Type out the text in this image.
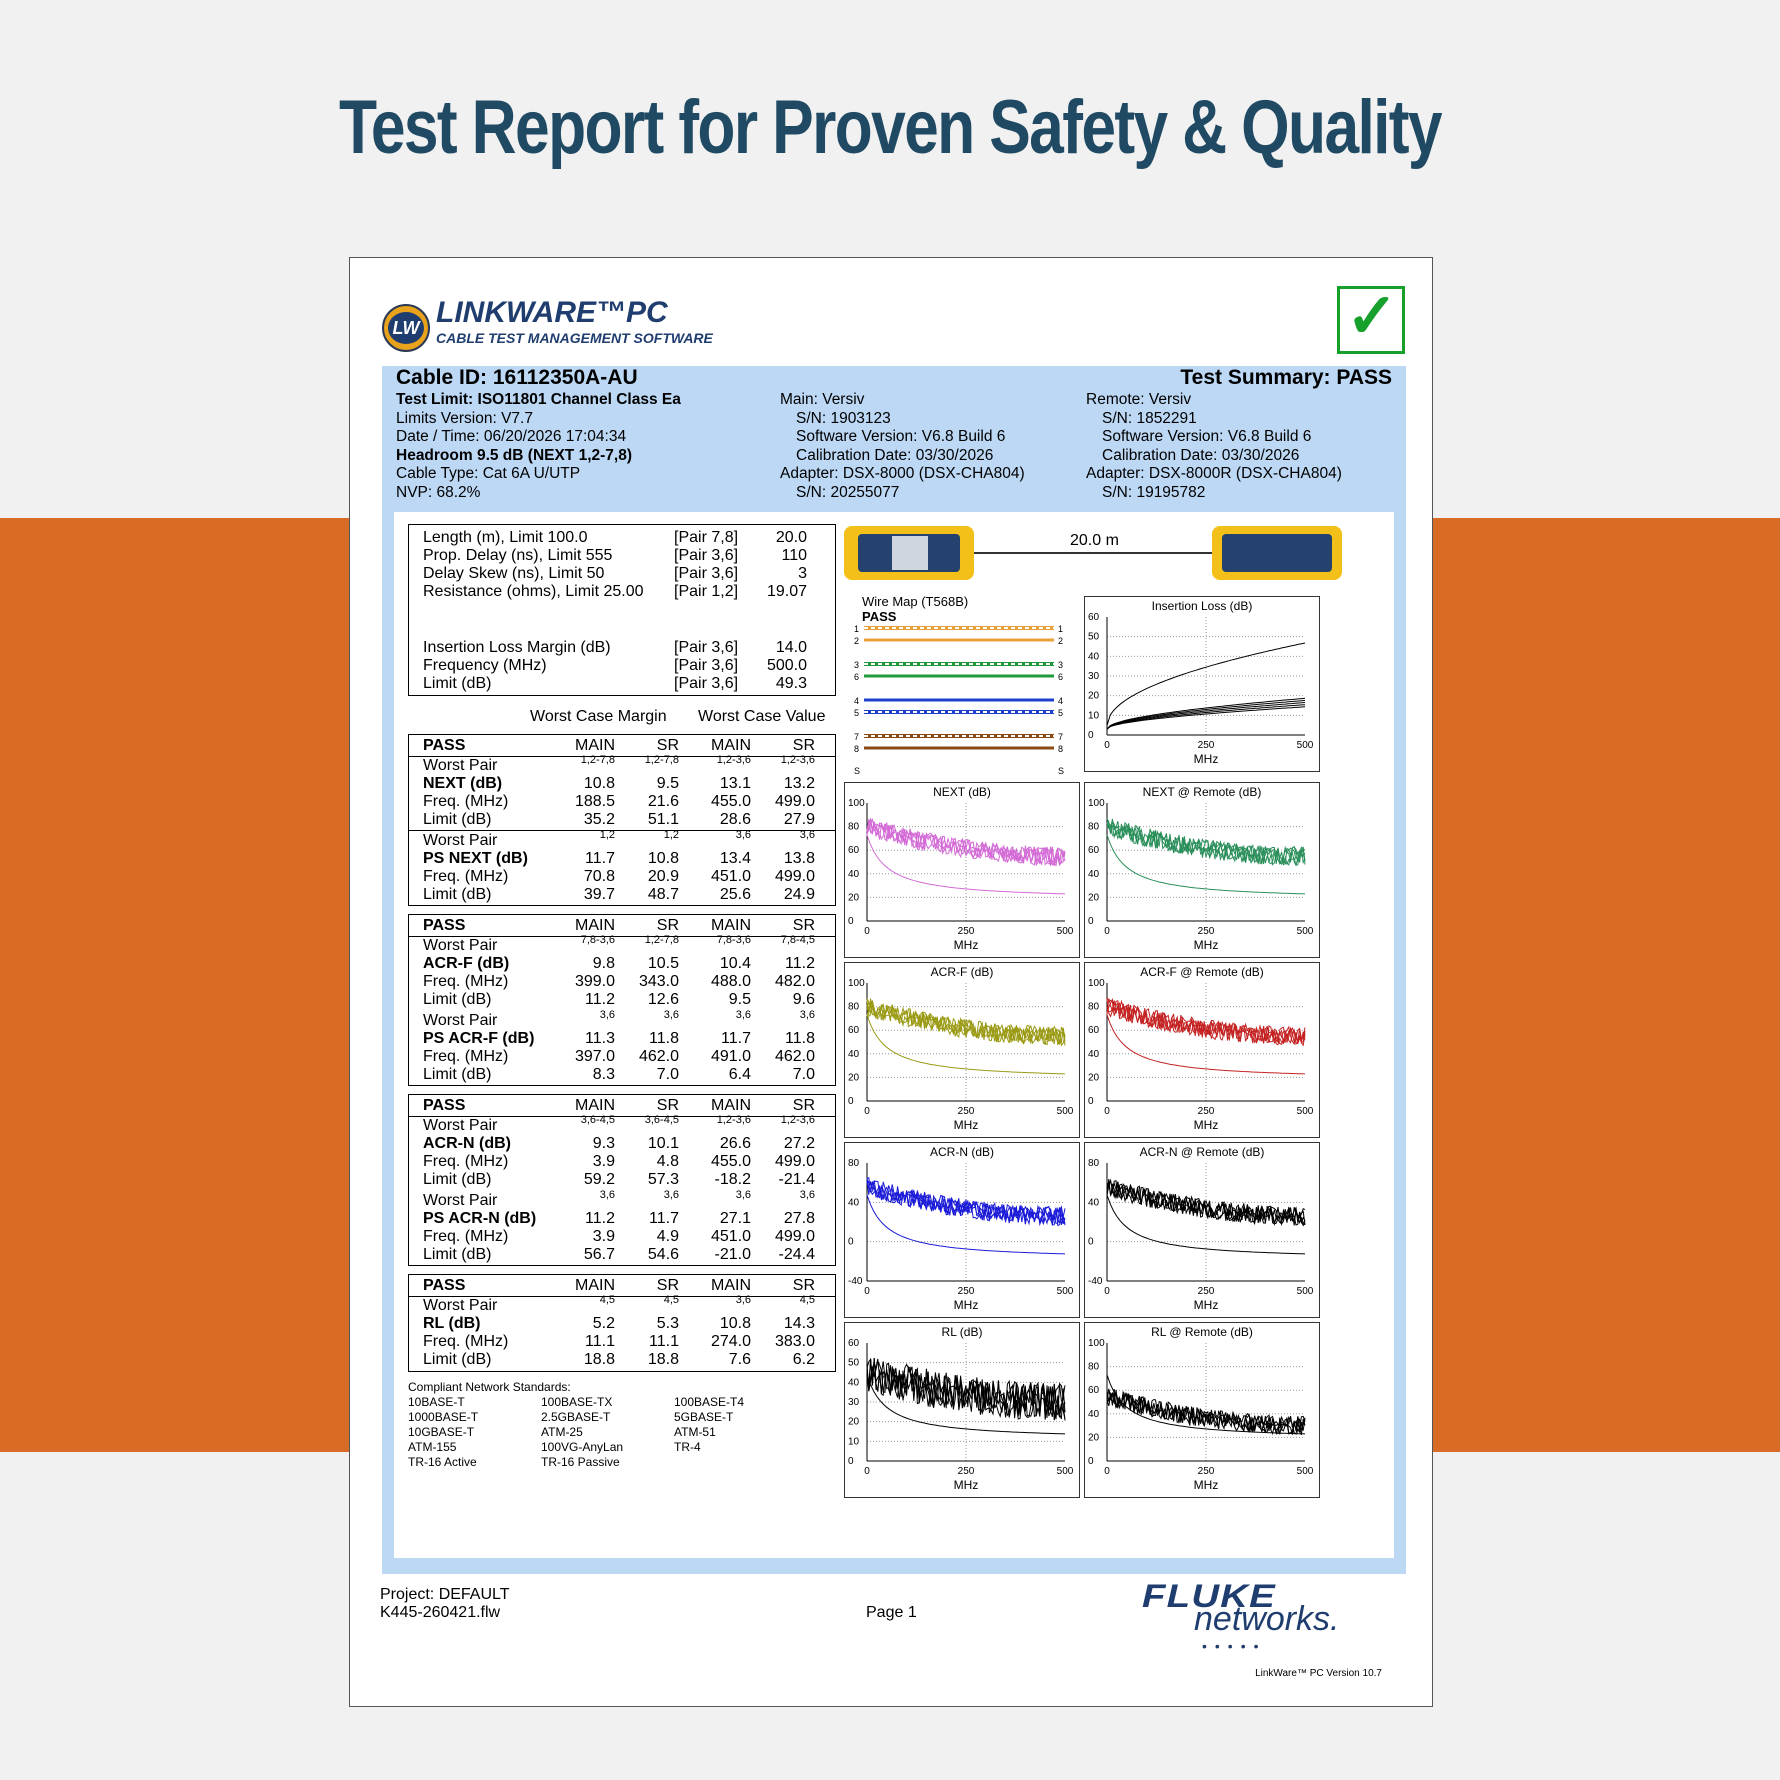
Test Report for Proven Safety & Quality
LW LINKWARE™PC
CABLE TEST MANAGEMENT SOFTWARE	✓
Cable ID: 16112350A-AU	Test Summary: PASS
Test Limit: ISO11801 Channel Class Ea
Limits Version: V7.7
Date / Time: 06/20/2026 17:04:34
Headroom 9.5 dB (NEXT 1,2-7,8)
Cable Type: Cat 6A U/UTP
NVP: 68.2%
Main: Versiv
S/N: 1903123
Software Version: V6.8 Build 6
Calibration Date: 03/30/2026
Adapter: DSX-8000 (DSX-CHA804)
S/N: 20255077
Remote: Versiv
S/N: 1852291
Software Version: V6.8 Build 6
Calibration Date: 03/30/2026
Adapter: DSX-8000R (DSX-CHA804)
S/N: 19195782
Length (m), Limit 100.0	[Pair 7,8] 20.0
Prop. Delay (ns), Limit 555	[Pair 3,6]	110
Delay Skew (ns), Limit 50	[Pair 3,6]	3
Resistance (ohms), Limit 25.00 [Pair 1,2] 19.07
Insertion Loss Margin (dB)	[Pair 3,6] 14.0
Frequency (MHz)	[Pair 3,6] 500.0
Limit (dB)	[Pair 3,6] 49.3
Worst Case Margin Worst Case Value
PASS	MAIN	SR	MAIN	SR
Worst Pair	1,2-7,8	1,2-7,8	1,2-3,6	1,2-3,6
NEXT (dB)	10.8	9.5	13.1	13.2
Freq. (MHz)	188.5	21.6	455.0	499.0
Limit (dB)	35.2	51.1	28.6	27.9
Worst Pair	1,2	1,2	3,6	3,6
PS NEXT (dB)	11.7	10.8	13.4	13.8
Freq. (MHz)	70.8	20.9	451.0	499.0
Limit (dB)	39.7	48.7	25.6	24.9
PASS	MAIN	SR	MAIN	SR
Worst Pair	7,8-3,6	1,2-7,8	7,8-3,6	7,8-4,5
ACR-F (dB)	9.8	10.5	10.4	11.2
Freq. (MHz)	399.0	343.0	488.0	482.0
Limit (dB)	11.2	12.6	9.5	9.6
Worst Pair	3,6	3,6	3,6	3,6
PS ACR-F (dB)	11.3	11.8	11.7	11.8
Freq. (MHz)	397.0	462.0	491.0	462.0
Limit (dB)	8.3	7.0	6.4	7.0
PASS	MAIN	SR	MAIN	SR
Worst Pair	3,6-4,5	3,6-4,5	1,2-3,6	1,2-3,6
ACR-N (dB)	9.3	10.1	26.6	27.2
Freq. (MHz)	3.9	4.8	455.0	499.0
Limit (dB)	59.2	57.3	-18.2	-21.4
Worst Pair	3,6	3,6	3,6	3,6
PS ACR-N (dB)	11.2	11.7	27.1	27.8
Freq. (MHz)	3.9	4.9	451.0	499.0
Limit (dB)	56.7	54.6	-21.0	-24.4
PASS	MAIN	SR	MAIN	SR
Worst Pair	4,5	4,5	3,6	4,5
RL (dB)	5.2	5.3	10.8	14.3
Freq. (MHz)	11.1	11.1	274.0	383.0
Limit (dB)	18.8	18.8	7.6	6.2
Compliant Network Standards:
10BASE-T	100BASE-TX	100BASE-T4
1000BASE-T	2.5GBASE-T	5GBASE-T
10GBASE-T	ATM-25	ATM-51
ATM-155	100VG-AnyLan	TR-4
TR-16 Active	TR-16 Passive
20.0 m
Wire Map (T568B)
PASS
1	1
2	2
3	3
6	6
4	4
5	5
7	7
8	8
S	S
Insertion Loss (dB)
60
50
40
30
20
10
0
0	250	500
MHz
NEXT (dB)
100
80
60
40
20
0
0	250	500
MHz
NEXT @ Remote (dB)
100
80
60
40
20
0
0	250	500
MHz
ACR-F (dB)
100
80
60
40
20
0
0	250	500
MHz
ACR-F @ Remote (dB)
100
80
60
40
20
0
0	250	500
MHz
ACR-N (dB)
80
40
0
-40
0	250	500
MHz
ACR-N @ Remote (dB)
80
40
0
-40
0	250	500
MHz
RL (dB)
60
50
40
30
20
10
0
0	250	500
MHz
RL @ Remote (dB)
100
80
60
40
20
0
0	250	500
MHz
LinkWare™ PC Version 10.7
Project: DEFAULT
K445-260421.flw	Page 1	FLUKE
networks.
•••••
